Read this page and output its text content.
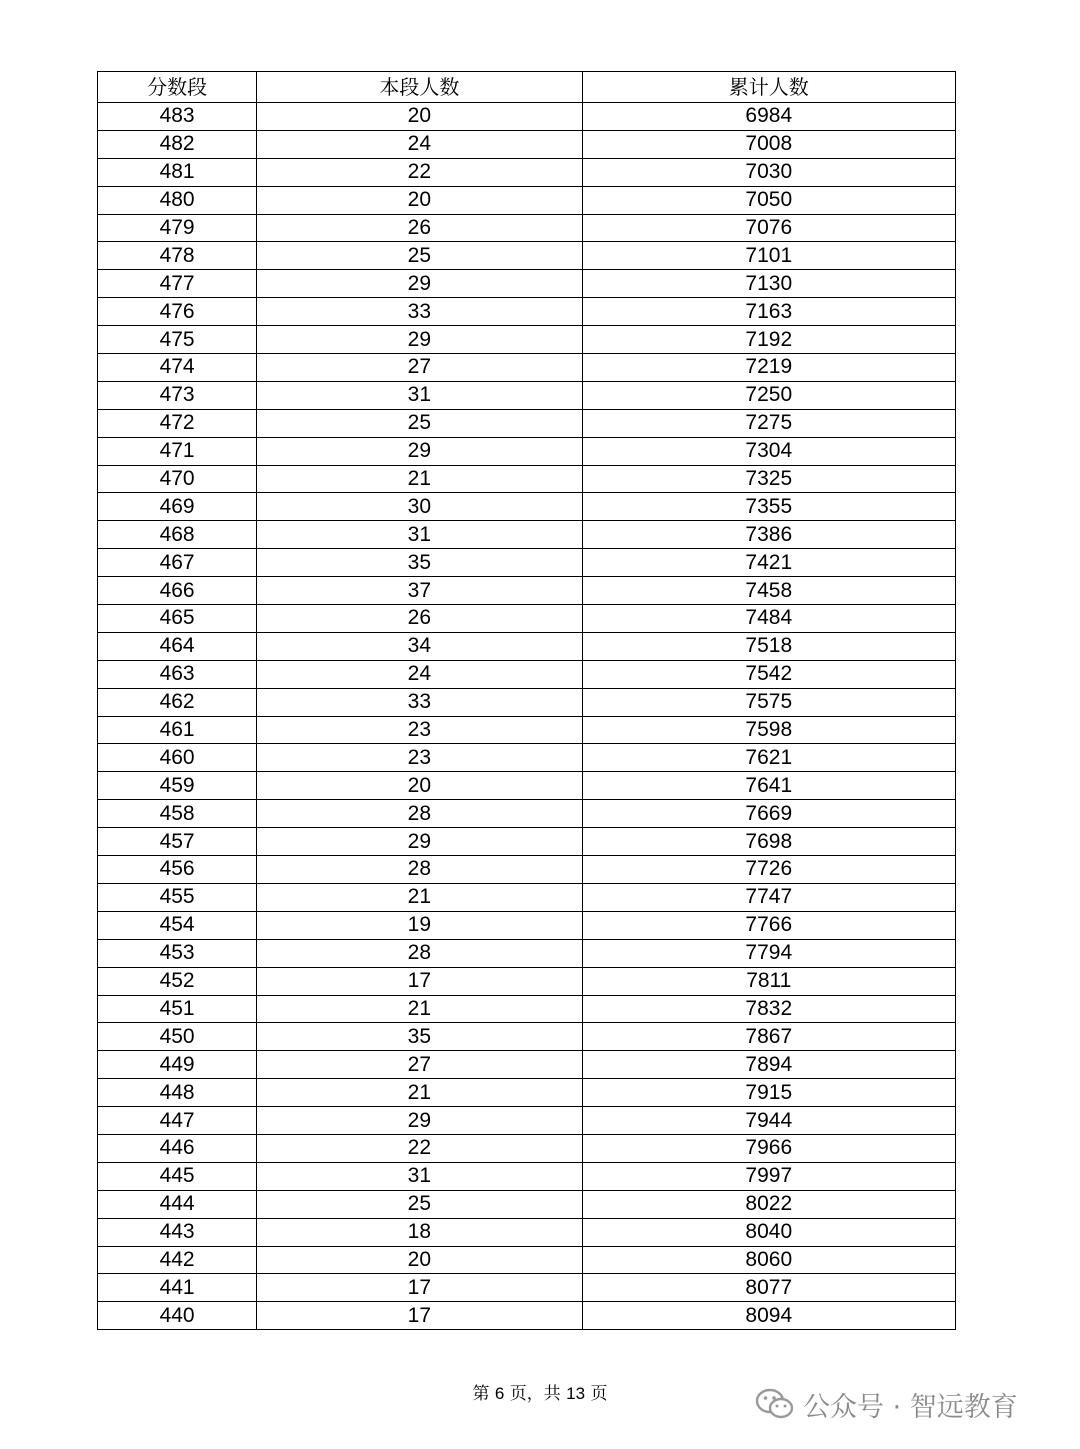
分数段	本段人数	累计人数
483	20	6984
482	24	7008
481	22	7030
480	20	7050
479	26	7076
478	25	7101
477	29	7130
476	33	7163
475	29	7192
474	27	7219
473	31	7250
472	25	7275
471	29	7304
470	21	7325
469	30	7355
468	31	7386
467	35	7421
466	37	7458
465	26	7484
464	34	7518
463	24	7542
462	33	7575
461	23	7598
460	23	7621
459	20	7641
458	28	7669
457	29	7698
456	28	7726
455	21	7747
454	19	7766
453	28	7794
452	17	7811
451	21	7832
450	35	7867
449	27	7894
448	21	7915
447	29	7944
446	22	7966
445	31	7997
444	25	8022
443	18	8040
442	20	8060
441	17	8077
440	17	8094
第 6 页，共 13 页	公众号 · 智远教育
